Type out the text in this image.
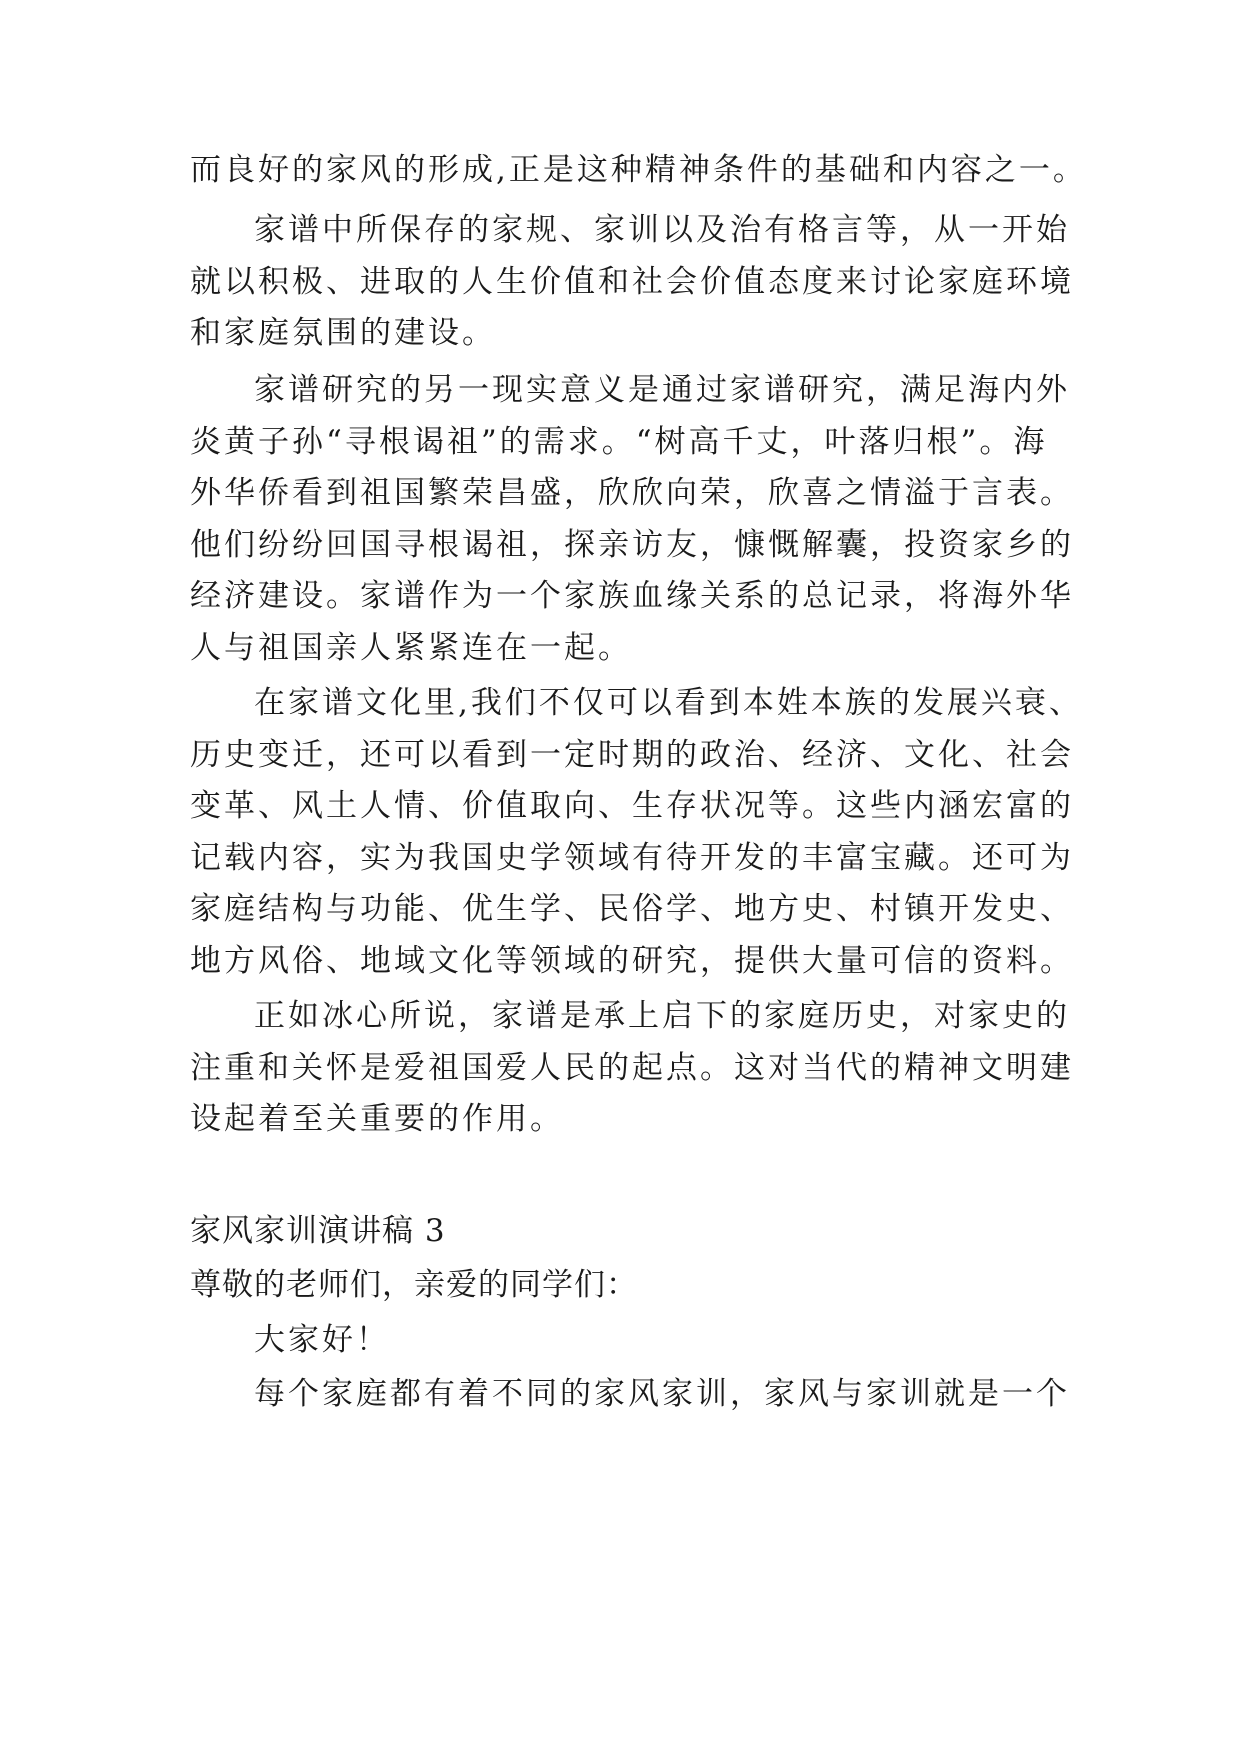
而良好的家风的形成,正是这种精神条件的基础和内容之一。
家谱中所保存的家规、家训以及治有格言等，从一开始
就以积极、进取的人生价值和社会价值态度来讨论家庭环境
和家庭氛围的建设。
家谱研究的另一现实意义是通过家谱研究，满足海内外
炎黄子孙“寻根谒祖”的需求。“树高千丈，叶落归根”。海
外华侨看到祖国繁荣昌盛，欣欣向荣，欣喜之情溢于言表。
他们纷纷回国寻根谒祖，探亲访友，慷慨解囊，投资家乡的
经济建设。家谱作为一个家族血缘关系的总记录，将海外华
人与祖国亲人紧紧连在一起。
在家谱文化里,我们不仅可以看到本姓本族的发展兴衰、
历史变迁，还可以看到一定时期的政治、经济、文化、社会
变革、风土人情、价值取向、生存状况等。这些内涵宏富的
记载内容，实为我国史学领域有待开发的丰富宝藏。还可为
家庭结构与功能、优生学、民俗学、地方史、村镇开发史、
地方风俗、地域文化等领域的研究，提供大量可信的资料。
正如冰心所说，家谱是承上启下的家庭历史，对家史的
注重和关怀是爱祖国爱人民的起点。这对当代的精神文明建
设起着至关重要的作用。
家风家训演讲稿 3
尊敬的老师们，亲爱的同学们：
大家好！
每个家庭都有着不同的家风家训，家风与家训就是一个
